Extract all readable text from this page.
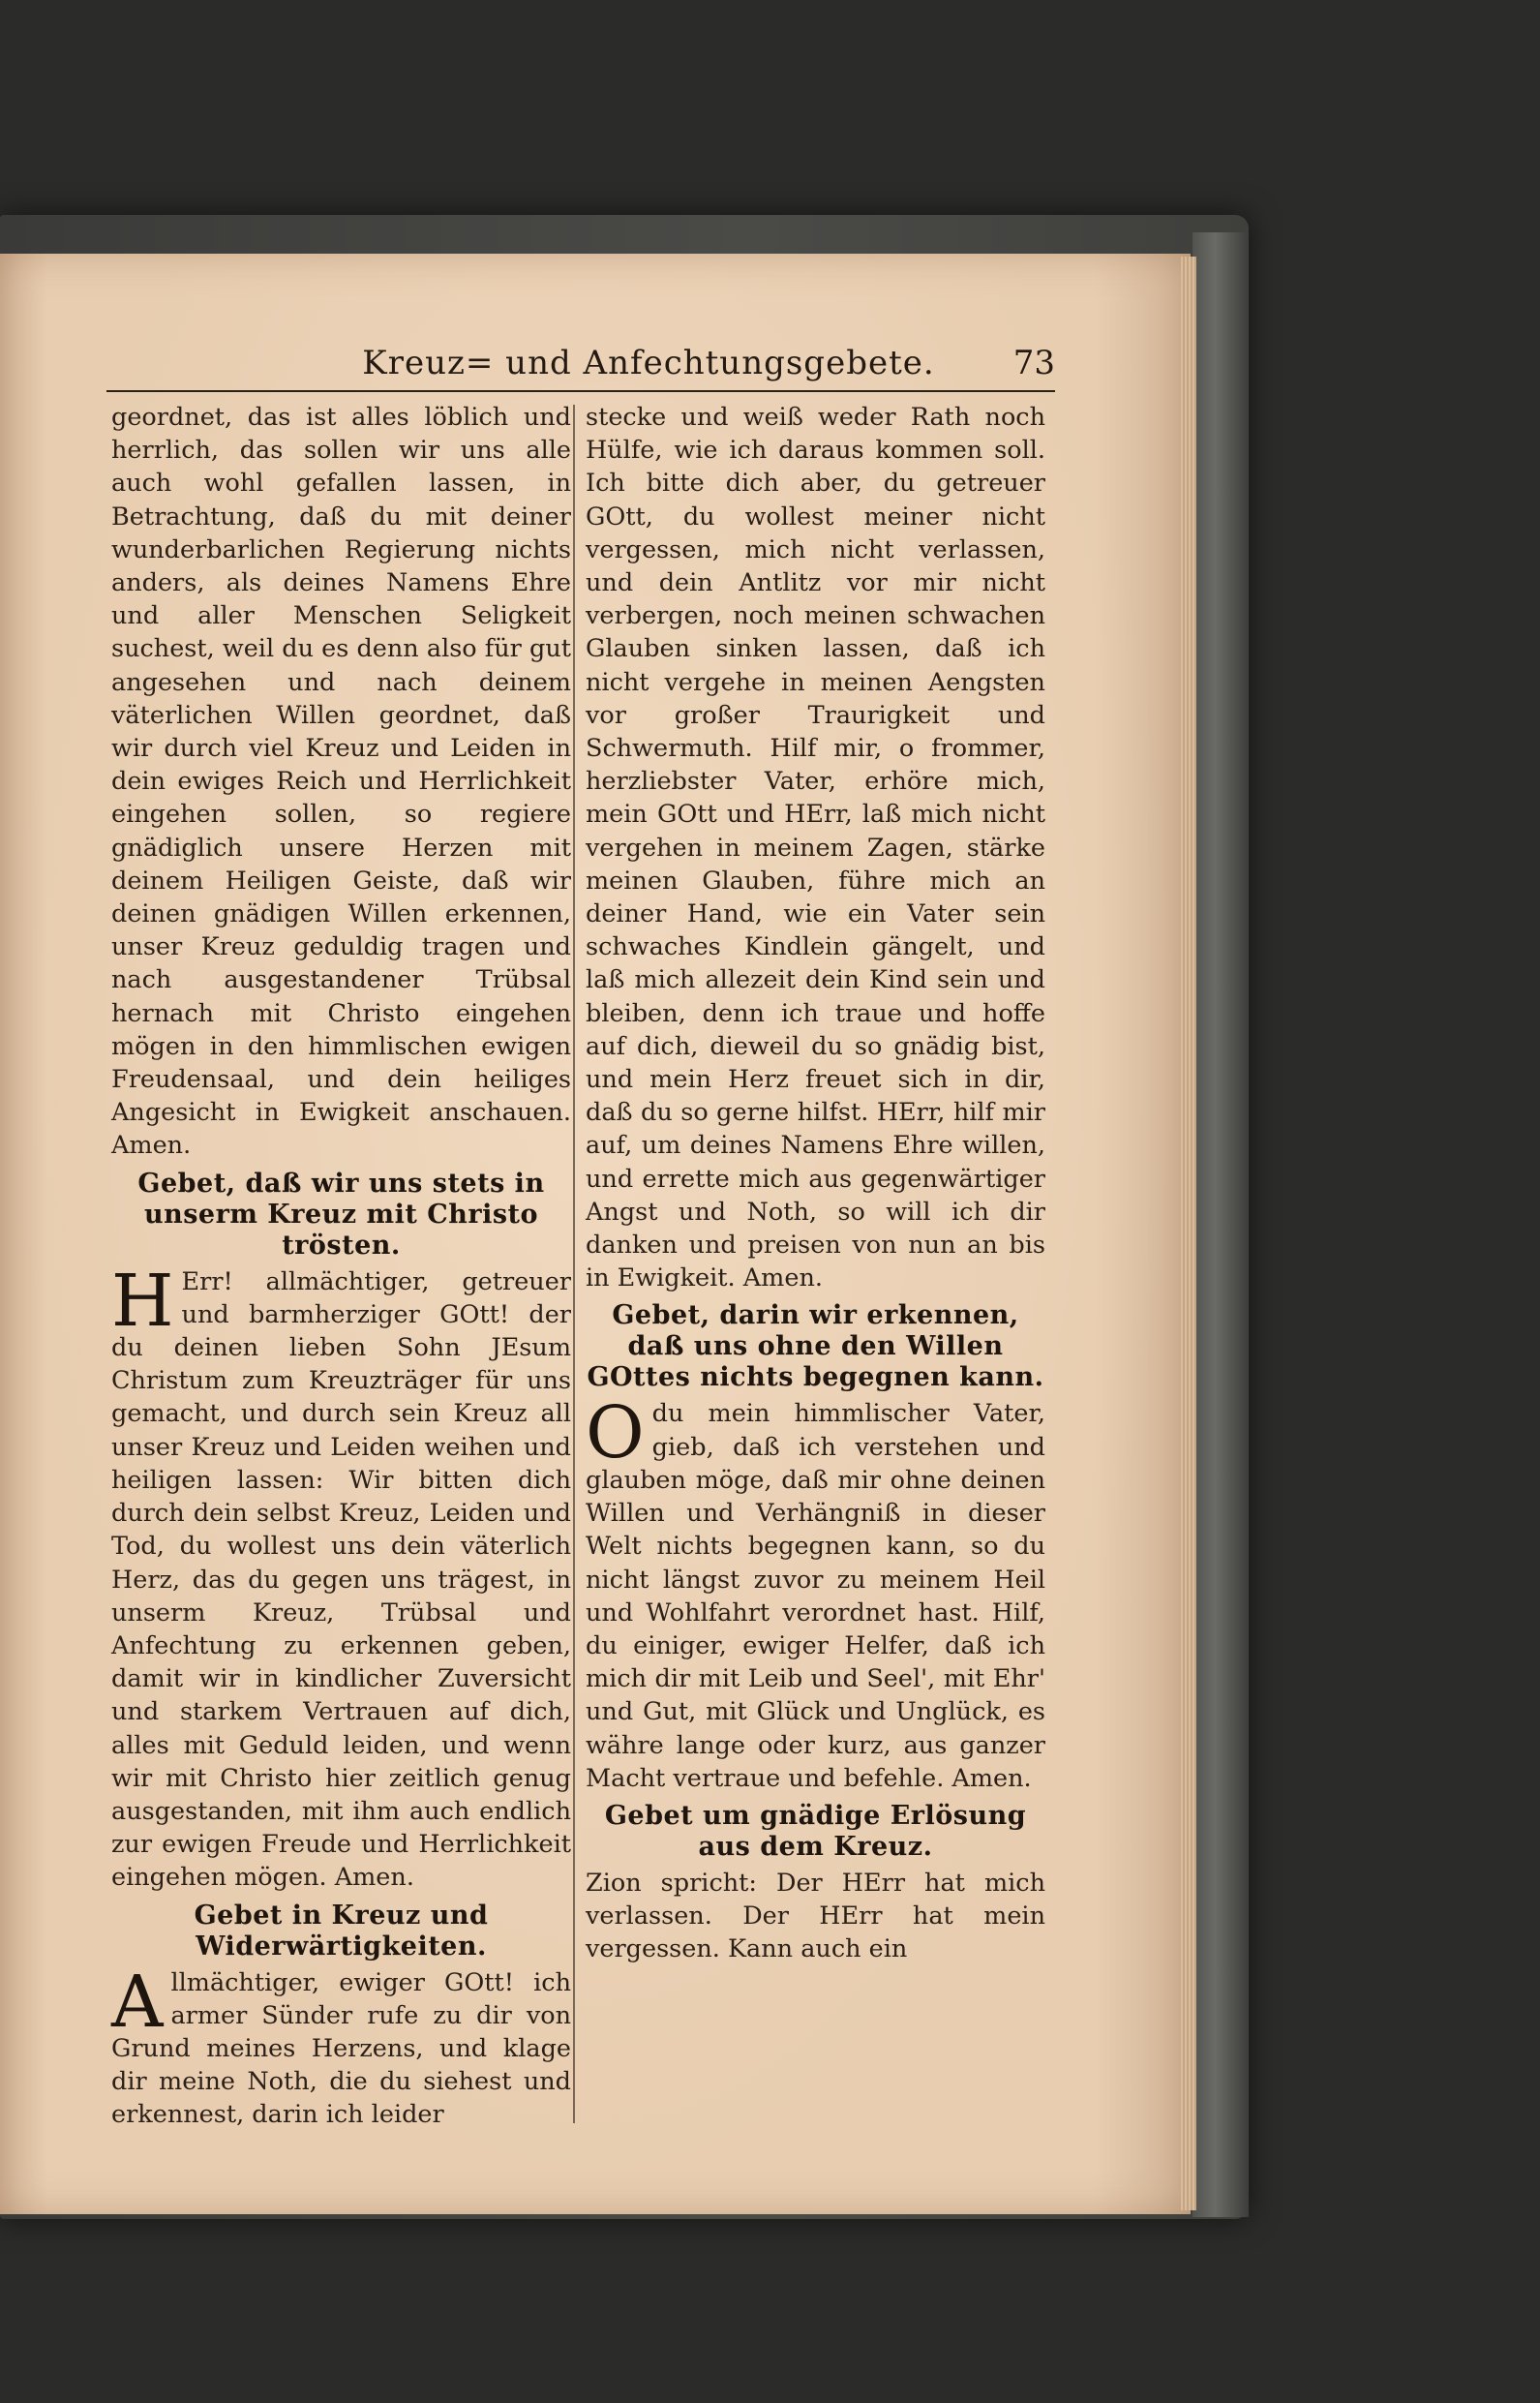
Kreuz= und Anfechtungsgebete.	73

geordnet, das ist alles löblich und herrlich, das sollen wir uns alle auch wohl gefallen lassen, in Betrachtung, daß du mit deiner wunderbarlichen Regierung nichts anders, als deines Namens Ehre und aller Menschen Seligkeit suchest, weil du es denn also für gut angesehen und nach deinem väterlichen Willen geordnet, daß wir durch viel Kreuz und Leiden in dein ewiges Reich und Herrlichkeit eingehen sollen, so regiere gnädiglich unsere Herzen mit deinem Heiligen Geiste, daß wir deinen gnädigen Willen erkennen, unser Kreuz geduldig tragen und nach ausgestandener Trübsal hernach mit Christo eingehen mögen in den himmlischen ewigen Freudensaal, und dein heiliges Angesicht in Ewigkeit anschauen. Amen.

Gebet, daß wir uns stets in unserm Kreuz mit Christo trösten.

H Err! allmächtiger, getreuer und barmherziger GOtt! der du deinen lieben Sohn JEsum Christum zum Kreuzträger für uns gemacht, und durch sein Kreuz all unser Kreuz und Leiden weihen und heiligen lassen: Wir bitten dich durch dein selbst Kreuz, Leiden und Tod, du wollest uns dein väterlich Herz, das du gegen uns trägest, in unserm Kreuz, Trübsal und Anfechtung zu erkennen geben, damit wir in kindlicher Zuversicht und starkem Vertrauen auf dich, alles mit Geduld leiden, und wenn wir mit Christo hier zeitlich genug ausgestanden, mit ihm auch endlich zur ewigen Freude und Herrlichkeit eingehen mögen. Amen.

Gebet in Kreuz und Widerwärtigkeiten.

Allmächtiger, ewiger GOtt! ich armer Sünder rufe zu dir von Grund meines Herzens, und klage dir meine Noth, die du siehest und erkennest, darin ich leider

stecke und weiß weder Rath noch Hülfe, wie ich daraus kommen soll. Ich bitte dich aber, du getreuer GOtt, du wollest meiner nicht vergessen, mich nicht verlassen, und dein Antlitz vor mir nicht verbergen, noch meinen schwachen Glauben sinken lassen, daß ich nicht vergehe in meinen Aengsten vor großer Traurigkeit und Schwermuth. Hilf mir, o frommer, herzliebster Vater, erhöre mich, mein GOtt und HErr, laß mich nicht vergehen in meinem Zagen, stärke meinen Glauben, führe mich an deiner Hand, wie ein Vater sein schwaches Kindlein gängelt, und laß mich allezeit dein Kind sein und bleiben, denn ich traue und hoffe auf dich, dieweil du so gnädig bist, und mein Herz freuet sich in dir, daß du so gerne hilfst. HErr, hilf mir auf, um deines Namens Ehre willen, und errette mich aus gegenwärtiger Angst und Noth, so will ich dir danken und preisen von nun an bis in Ewigkeit. Amen.

Gebet, darin wir erkennen, daß uns ohne den Willen GOttes nichts begegnen kann.

O du mein himmlischer Vater, gieb, daß ich verstehen und glauben möge, daß mir ohne deinen Willen und Verhängniß in dieser Welt nichts begegnen kann, so du nicht längst zuvor zu meinem Heil und Wohlfahrt verordnet hast. Hilf, du einiger, ewiger Helfer, daß ich mich dir mit Leib und Seel', mit Ehr' und Gut, mit Glück und Unglück, es währe lange oder kurz, aus ganzer Macht vertraue und befehle. Amen.

Gebet um gnädige Erlösung aus dem Kreuz.

Zion spricht: Der HErr hat mich verlassen. Der HErr hat mein vergessen. Kann auch ein
